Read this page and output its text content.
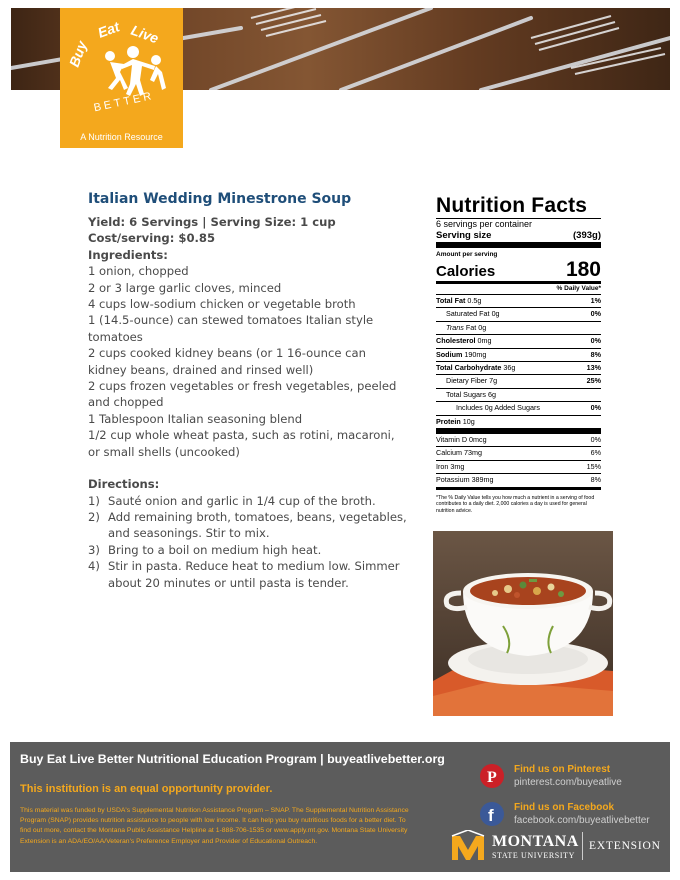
Buy
Eat Live
BETTER
A Nutrition Resource
Italian Wedding Minestrone Soup
Yield: 6 Servings | Serving Size: 1 cup
Cost/serving: $0.85
Ingredients:
1 onion, chopped
2 or 3 large garlic cloves, minced
4 cups low-sodium chicken or vegetable broth
1 (14.5-ounce) can stewed tomatoes Italian style tomatoes
2 cups cooked kidney beans (or 1 16-ounce can kidney beans, drained and rinsed well)
2 cups frozen vegetables or fresh vegetables, peeled and chopped
1 Tablespoon Italian seasoning blend
1/2 cup whole wheat pasta, such as rotini, macaroni, or small shells (uncooked)
Directions:
1) Sauté onion and garlic in 1/4 cup of the broth.
2) Add remaining broth, tomatoes, beans, vegetables, and seasonings. Stir to mix.
3) Bring to a boil on medium high heat.
4) Stir in pasta. Reduce heat to medium low. Simmer about 20 minutes or until pasta is tender.
Nutrition Facts
6 servings per container
Serving size	(393g)
Amount per serving
Calories	180
% Daily Value*
Total Fat 0.5g	1%
Saturated Fat 0g	0%
Trans Fat 0g
Cholesterol 0mg	0%
Sodium 190mg	8%
Total Carbohydrate 36g	13%
Dietary Fiber 7g	25%
Total Sugars 6g
Includes 0g Added Sugars	0%
Protein 10g
Vitamin D 0mcg	0%
Calcium 73mg	6%
Iron 3mg	15%
Potassium 389mg	8%
*The % Daily Value tells you how much a nutrient in a serving of food contributes to a daily diet. 2,000 calories a day is used for general nutrition advice.
Buy Eat Live Better Nutritional Education Program | buyeatlivebetter.org
This institution is an equal opportunity provider.
This material was funded by USDA's Supplemental Nutrition Assistance Program – SNAP. The Supplemental Nutrition Assistance Program (SNAP) provides nutrition assistance to people with low income. It can help you buy nutritious foods for a better diet. To find out more, contact the Montana Public Assistance Helpline at 1-888-706-1535 or www.apply.mt.gov. Montana State University Extension is an ADA/EO/AA/Veteran's Preference Employer and Provider of Educational Outreach.
P Find us on Pinterest
pinterest.com/buyeatlive
f Find us on Facebook
facebook.com/buyeatlivebetter
MONTANA
STATE UNIVERSITY
EXTENSION
